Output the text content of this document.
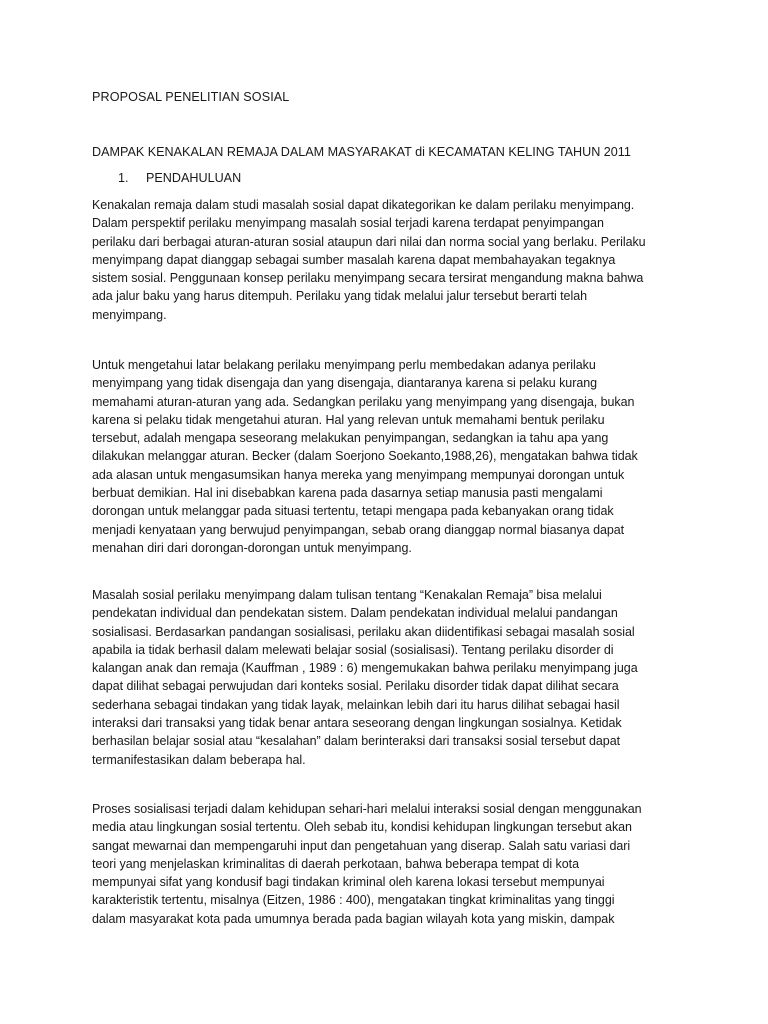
PROPOSAL PENELITIAN SOSIAL
DAMPAK KENAKALAN REMAJA DALAM MASYARAKAT di KECAMATAN KELING TAHUN 2011
1. PENDAHULUAN

Kenakalan remaja dalam studi masalah sosial dapat dikategorikan ke dalam perilaku menyimpang.
Dalam perspektif perilaku menyimpang masalah sosial terjadi karena terdapat penyimpangan
perilaku dari berbagai aturan-aturan sosial ataupun dari nilai dan norma social yang berlaku. Perilaku
menyimpang dapat dianggap sebagai sumber masalah karena dapat membahayakan tegaknya
sistem sosial. Penggunaan konsep perilaku menyimpang secara tersirat mengandung makna bahwa
ada jalur baku yang harus ditempuh. Perilaku yang tidak melalui jalur tersebut berarti telah
menyimpang.

Untuk mengetahui latar belakang perilaku menyimpang perlu membedakan adanya perilaku
menyimpang yang tidak disengaja dan yang disengaja, diantaranya karena si pelaku kurang
memahami aturan-aturan yang ada. Sedangkan perilaku yang menyimpang yang disengaja, bukan
karena si pelaku tidak mengetahui aturan. Hal yang relevan untuk memahami bentuk perilaku
tersebut, adalah mengapa seseorang melakukan penyimpangan, sedangkan ia tahu apa yang
dilakukan melanggar aturan. Becker (dalam Soerjono Soekanto,1988,26), mengatakan bahwa tidak
ada alasan untuk mengasumsikan hanya mereka yang menyimpang mempunyai dorongan untuk
berbuat demikian. Hal ini disebabkan karena pada dasarnya setiap manusia pasti mengalami
dorongan untuk melanggar pada situasi tertentu, tetapi mengapa pada kebanyakan orang tidak
menjadi kenyataan yang berwujud penyimpangan, sebab orang dianggap normal biasanya dapat
menahan diri dari dorongan-dorongan untuk menyimpang.

Masalah sosial perilaku menyimpang dalam tulisan tentang “Kenakalan Remaja” bisa melalui
pendekatan individual dan pendekatan sistem. Dalam pendekatan individual melalui pandangan
sosialisasi. Berdasarkan pandangan sosialisasi, perilaku akan diidentifikasi sebagai masalah sosial
apabila ia tidak berhasil dalam melewati belajar sosial (sosialisasi). Tentang perilaku disorder di
kalangan anak dan remaja (Kauffman , 1989 : 6) mengemukakan bahwa perilaku menyimpang juga
dapat dilihat sebagai perwujudan dari konteks sosial. Perilaku disorder tidak dapat dilihat secara
sederhana sebagai tindakan yang tidak layak, melainkan lebih dari itu harus dilihat sebagai hasil
interaksi dari transaksi yang tidak benar antara seseorang dengan lingkungan sosialnya. Ketidak
berhasilan belajar sosial atau “kesalahan” dalam berinteraksi dari transaksi sosial tersebut dapat
termanifestasikan dalam beberapa hal.

Proses sosialisasi terjadi dalam kehidupan sehari-hari melalui interaksi sosial dengan menggunakan
media atau lingkungan sosial tertentu. Oleh sebab itu, kondisi kehidupan lingkungan tersebut akan
sangat mewarnai dan mempengaruhi input dan pengetahuan yang diserap. Salah satu variasi dari
teori yang menjelaskan kriminalitas di daerah perkotaan, bahwa beberapa tempat di kota
mempunyai sifat yang kondusif bagi tindakan kriminal oleh karena lokasi tersebut mempunyai
karakteristik tertentu, misalnya (Eitzen, 1986 : 400), mengatakan tingkat kriminalitas yang tinggi
dalam masyarakat kota pada umumnya berada pada bagian wilayah kota yang miskin, dampak
